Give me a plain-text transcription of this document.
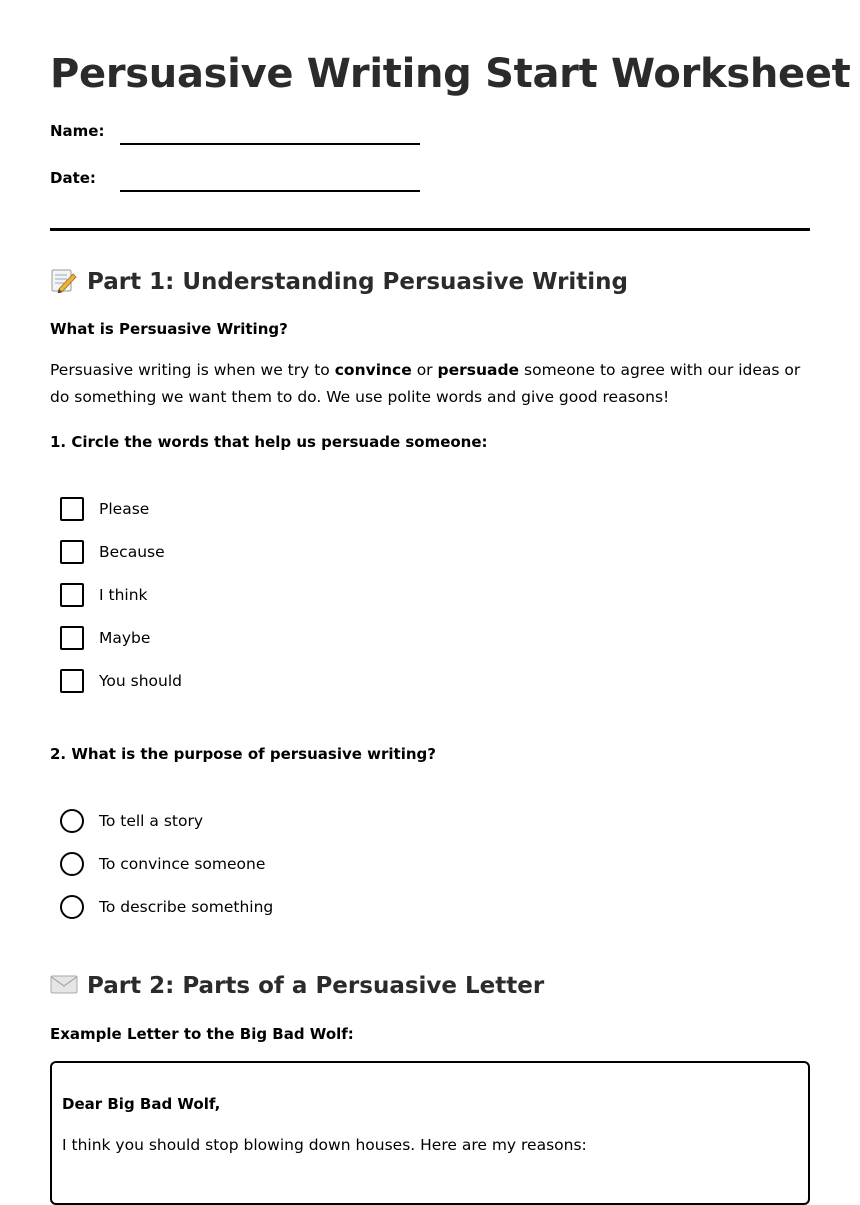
Persuasive Writing Start Worksheet
Name:
Date:
Part 1: Understanding Persuasive Writing
What is Persuasive Writing?
Persuasive writing is when we try to convince or persuade someone to agree with our ideas or do something we want them to do. We use polite words and give good reasons!
1. Circle the words that help us persuade someone:
Please
Because
I think
Maybe
You should
2. What is the purpose of persuasive writing?
To tell a story
To convince someone
To describe something
Part 2: Parts of a Persuasive Letter
Example Letter to the Big Bad Wolf:
Dear Big Bad Wolf,
I think you should stop blowing down houses. Here are my reasons:
